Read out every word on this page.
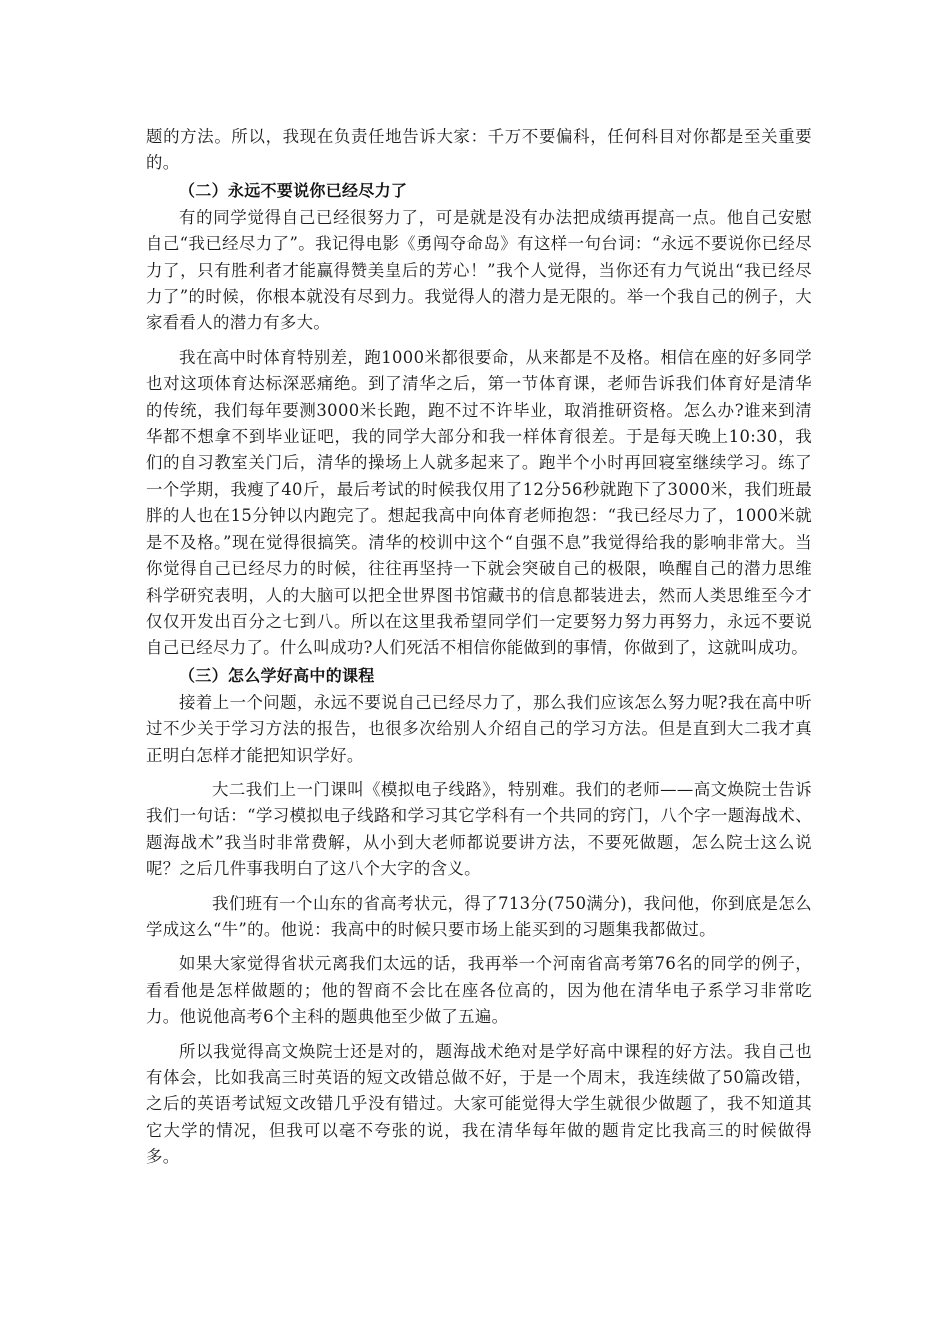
题的方法。所以，我现在负责任地告诉大家：千万不要偏科，任何科目对你都是至关重要的。

（二）永远不要说你已经尽力了

有的同学觉得自己已经很努力了，可是就是没有办法把成绩再提高一点。他自己安慰自己“我已经尽力了”。我记得电影《勇闯夺命岛》有这样一句台词：“永远不要说你已经尽力了，只有胜利者才能赢得赞美皇后的芳心！”我个人觉得，当你还有力气说出“我已经尽力了”的时候，你根本就没有尽到力。我觉得人的潜力是无限的。举一个我自己的例子，大家看看人的潜力有多大。

我在高中时体育特别差，跑1000米都很要命，从来都是不及格。相信在座的好多同学也对这项体育达标深恶痛绝。到了清华之后，第一节体育课，老师告诉我们体育好是清华的传统，我们每年要测3000米长跑，跑不过不许毕业，取消推研资格。怎么办?谁来到清华都不想拿不到毕业证吧，我的同学大部分和我一样体育很差。于是每天晚上10:30，我们的自习教室关门后，清华的操场上人就多起来了。跑半个小时再回寝室继续学习。练了一个学期，我瘦了40斤，最后考试的时候我仅用了12分56秒就跑下了3000米，我们班最胖的人也在15分钟以内跑完了。想起我高中向体育老师抱怨：“我已经尽力了，1000米就是不及格。”现在觉得很搞笑。清华的校训中这个“自强不息”我觉得给我的影响非常大。当你觉得自己已经尽力的时候，往往再坚持一下就会突破自己的极限，唤醒自己的潜力思维科学研究表明，人的大脑可以把全世界图书馆藏书的信息都装进去，然而人类思维至今才仅仅开发出百分之七到八。所以在这里我希望同学们一定要努力努力再努力，永远不要说自己已经尽力了。什么叫成功?人们死活不相信你能做到的事情，你做到了，这就叫成功。

（三）怎么学好高中的课程

接着上一个问题，永远不要说自己已经尽力了，那么我们应该怎么努力呢?我在高中听过不少关于学习方法的报告，也很多次给别人介绍自己的学习方法。但是直到大二我才真正明白怎样才能把知识学好。

大二我们上一门课叫《模拟电子线路》，特别难。我们的老师——高文焕院士告诉我们一句话：“学习模拟电子线路和学习其它学科有一个共同的窍门，八个字一题海战术、题海战术”我当时非常费解，从小到大老师都说要讲方法，不要死做题，怎么院士这么说呢？之后几件事我明白了这八个大字的含义。

我们班有一个山东的省高考状元，得了713分(750满分)，我问他，你到底是怎么学成这么“牛”的。他说：我高中的时候只要市场上能买到的习题集我都做过。

如果大家觉得省状元离我们太远的话，我再举一个河南省高考第76名的同学的例子，看看他是怎样做题的；他的智商不会比在座各位高的，因为他在清华电子系学习非常吃力。他说他高考6个主科的题典他至少做了五遍。

所以我觉得高文焕院士还是对的，题海战术绝对是学好高中课程的好方法。我自己也有体会，比如我高三时英语的短文改错总做不好，于是一个周末，我连续做了50篇改错，之后的英语考试短文改错几乎没有错过。大家可能觉得大学生就很少做题了，我不知道其它大学的情况，但我可以毫不夸张的说，我在清华每年做的题肯定比我高三的时候做得多。
